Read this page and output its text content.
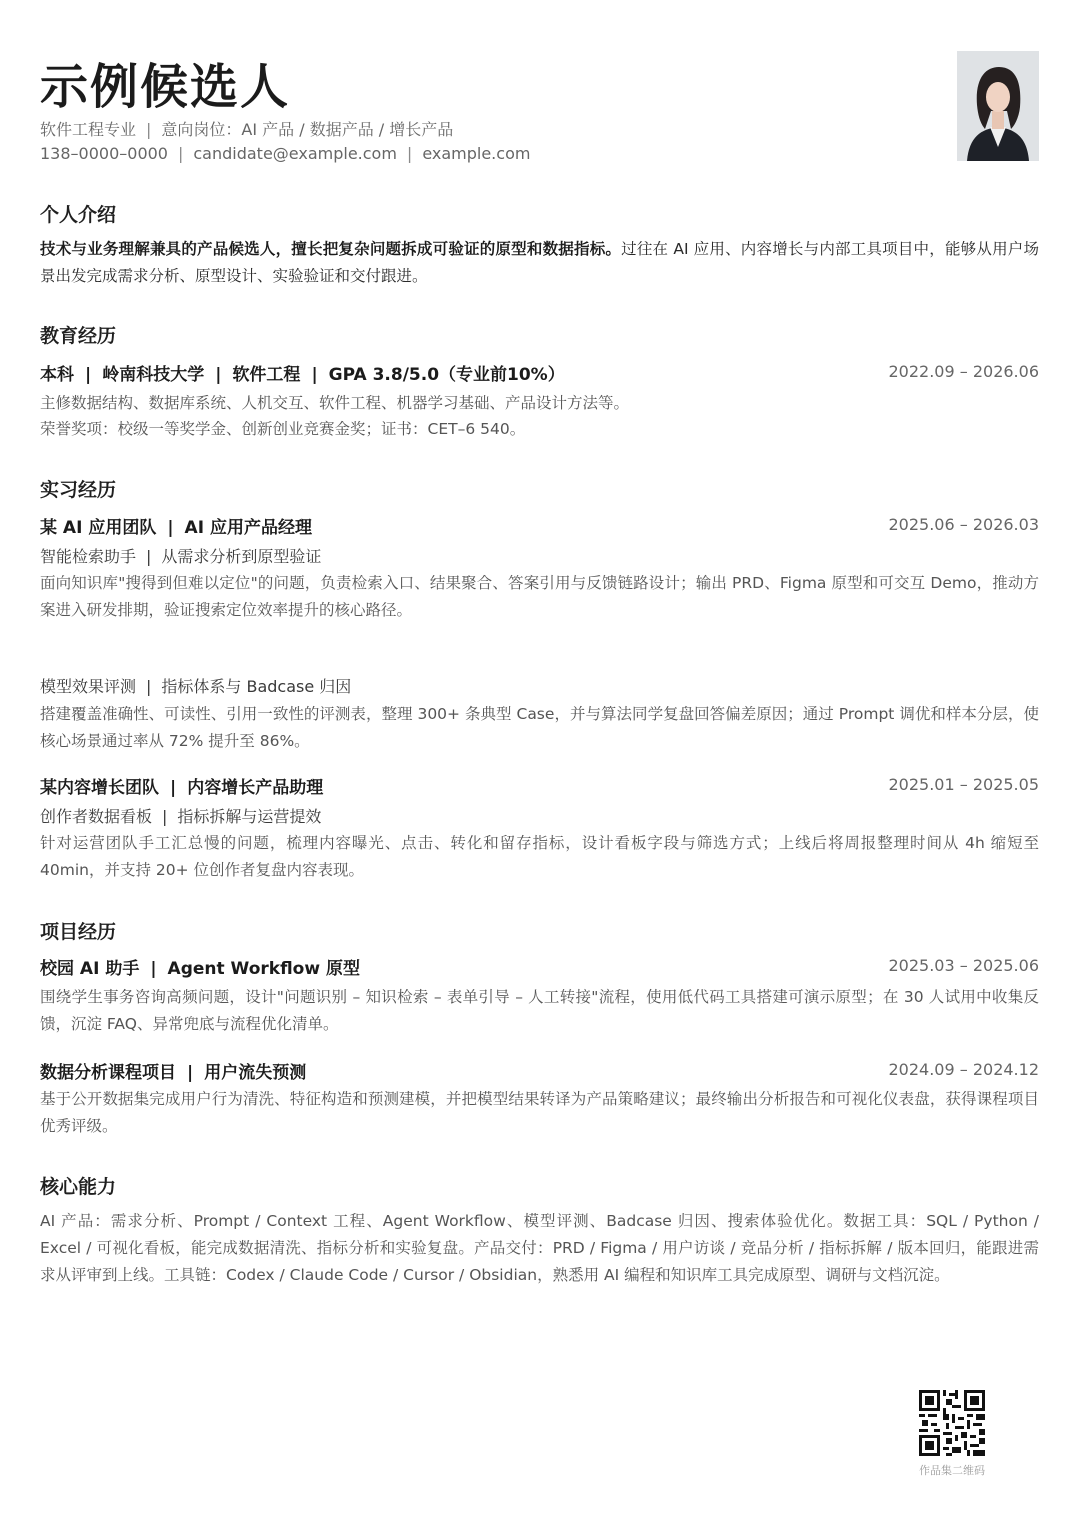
示例候选人
软件工程专业 | 意向岗位：AI 产品 / 数据产品 / 增长产品
138–0000–0000 | candidate@example.com | example.com
个人介绍
技术与业务理解兼具的产品候选人，擅长把复杂问题拆成可验证的原型和数据指标。过往在 AI 应用、内容增长与内部工具项目中，能够从用户场景出发完成需求分析、原型设计、实验验证和交付跟进。
教育经历
本科 | 岭南科技大学 | 软件工程 | GPA 3.8/5.0（专业前10%）	2022.09 – 2026.06
主修数据结构、数据库系统、人机交互、软件工程、机器学习基础、产品设计方法等。
荣誉奖项：校级一等奖学金、创新创业竞赛金奖；证书：CET–6 540。
实习经历
某 AI 应用团队 | AI 应用产品经理	2025.06 – 2026.03
智能检索助手 | 从需求分析到原型验证
面向知识库"搜得到但难以定位"的问题，负责检索入口、结果聚合、答案引用与反馈链路设计；输出 PRD、Figma 原型和可交互 Demo，推动方案进入研发排期，验证搜索定位效率提升的核心路径。
模型效果评测 | 指标体系与 Badcase 归因
搭建覆盖准确性、可读性、引用一致性的评测表，整理 300+ 条典型 Case，并与算法同学复盘回答偏差原因；通过 Prompt 调优和样本分层，使核心场景通过率从 72% 提升至 86%。
某内容增长团队 | 内容增长产品助理	2025.01 – 2025.05
创作者数据看板 | 指标拆解与运营提效
针对运营团队手工汇总慢的问题，梳理内容曝光、点击、转化和留存指标，设计看板字段与筛选方式；上线后将周报整理时间从 4h 缩短至 40min，并支持 20+ 位创作者复盘内容表现。
项目经历
校园 AI 助手 | Agent Workflow 原型	2025.03 – 2025.06
围绕学生事务咨询高频问题，设计"问题识别 – 知识检索 – 表单引导 – 人工转接"流程，使用低代码工具搭建可演示原型；在 30 人试用中收集反馈，沉淀 FAQ、异常兜底与流程优化清单。
数据分析课程项目 | 用户流失预测	2024.09 – 2024.12
基于公开数据集完成用户行为清洗、特征构造和预测建模，并把模型结果转译为产品策略建议；最终输出分析报告和可视化仪表盘，获得课程项目优秀评级。
核心能力
AI 产品：需求分析、Prompt / Context 工程、Agent Workflow、模型评测、Badcase 归因、搜索体验优化。数据工具：SQL / Python / Excel / 可视化看板，能完成数据清洗、指标分析和实验复盘。产品交付：PRD / Figma / 用户访谈 / 竞品分析 / 指标拆解 / 版本回归，能跟进需求从评审到上线。工具链：Codex / Claude Code / Cursor / Obsidian，熟悉用 AI 编程和知识库工具完成原型、调研与文档沉淀。
作品集二维码
